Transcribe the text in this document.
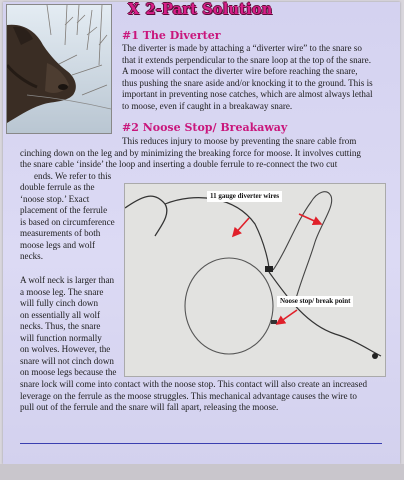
X 2-Part Solution
#1 The Diverter
The diverter is made by attaching a “diverter wire” to the snare so
that it extends perpendicular to the snare loop at the top of the snare.
A moose will contact the diverter wire before reaching the snare,
thus pushing the snare aside and/or knocking it to the ground. This is
important in preventing nose catches, which are almost always lethal
to moose, even if caught in a breakaway snare.
#2 Noose Stop/ Breakaway
This reduces injury to moose by preventing the snare cable from
cinching down on the leg and by minimizing the breaking force for moose. It involves cutting
the snare cable ‘inside’ the loop and inserting a double ferrule to re-connect the two cut
ends. We refer to this
double ferrule as the
‘noose stop.’ Exact
placement of the ferrule
is based on circumference
measurements of both
moose legs and wolf
necks.
A wolf neck is larger than
a moose leg. The snare
will fully cinch down
on essentially all wolf
necks. Thus, the snare
will function normally
on wolves. However, the
snare will not cinch down
on moose legs because the
snare lock will come into contact with the noose stop. This contact will also create an increased
leverage on the ferrule as the moose struggles. This mechanical advantage causes the wire to
pull out of the ferrule and the snare will fall apart, releasing the moose.
11 gauge diverter wires
Noose stop/ break point
